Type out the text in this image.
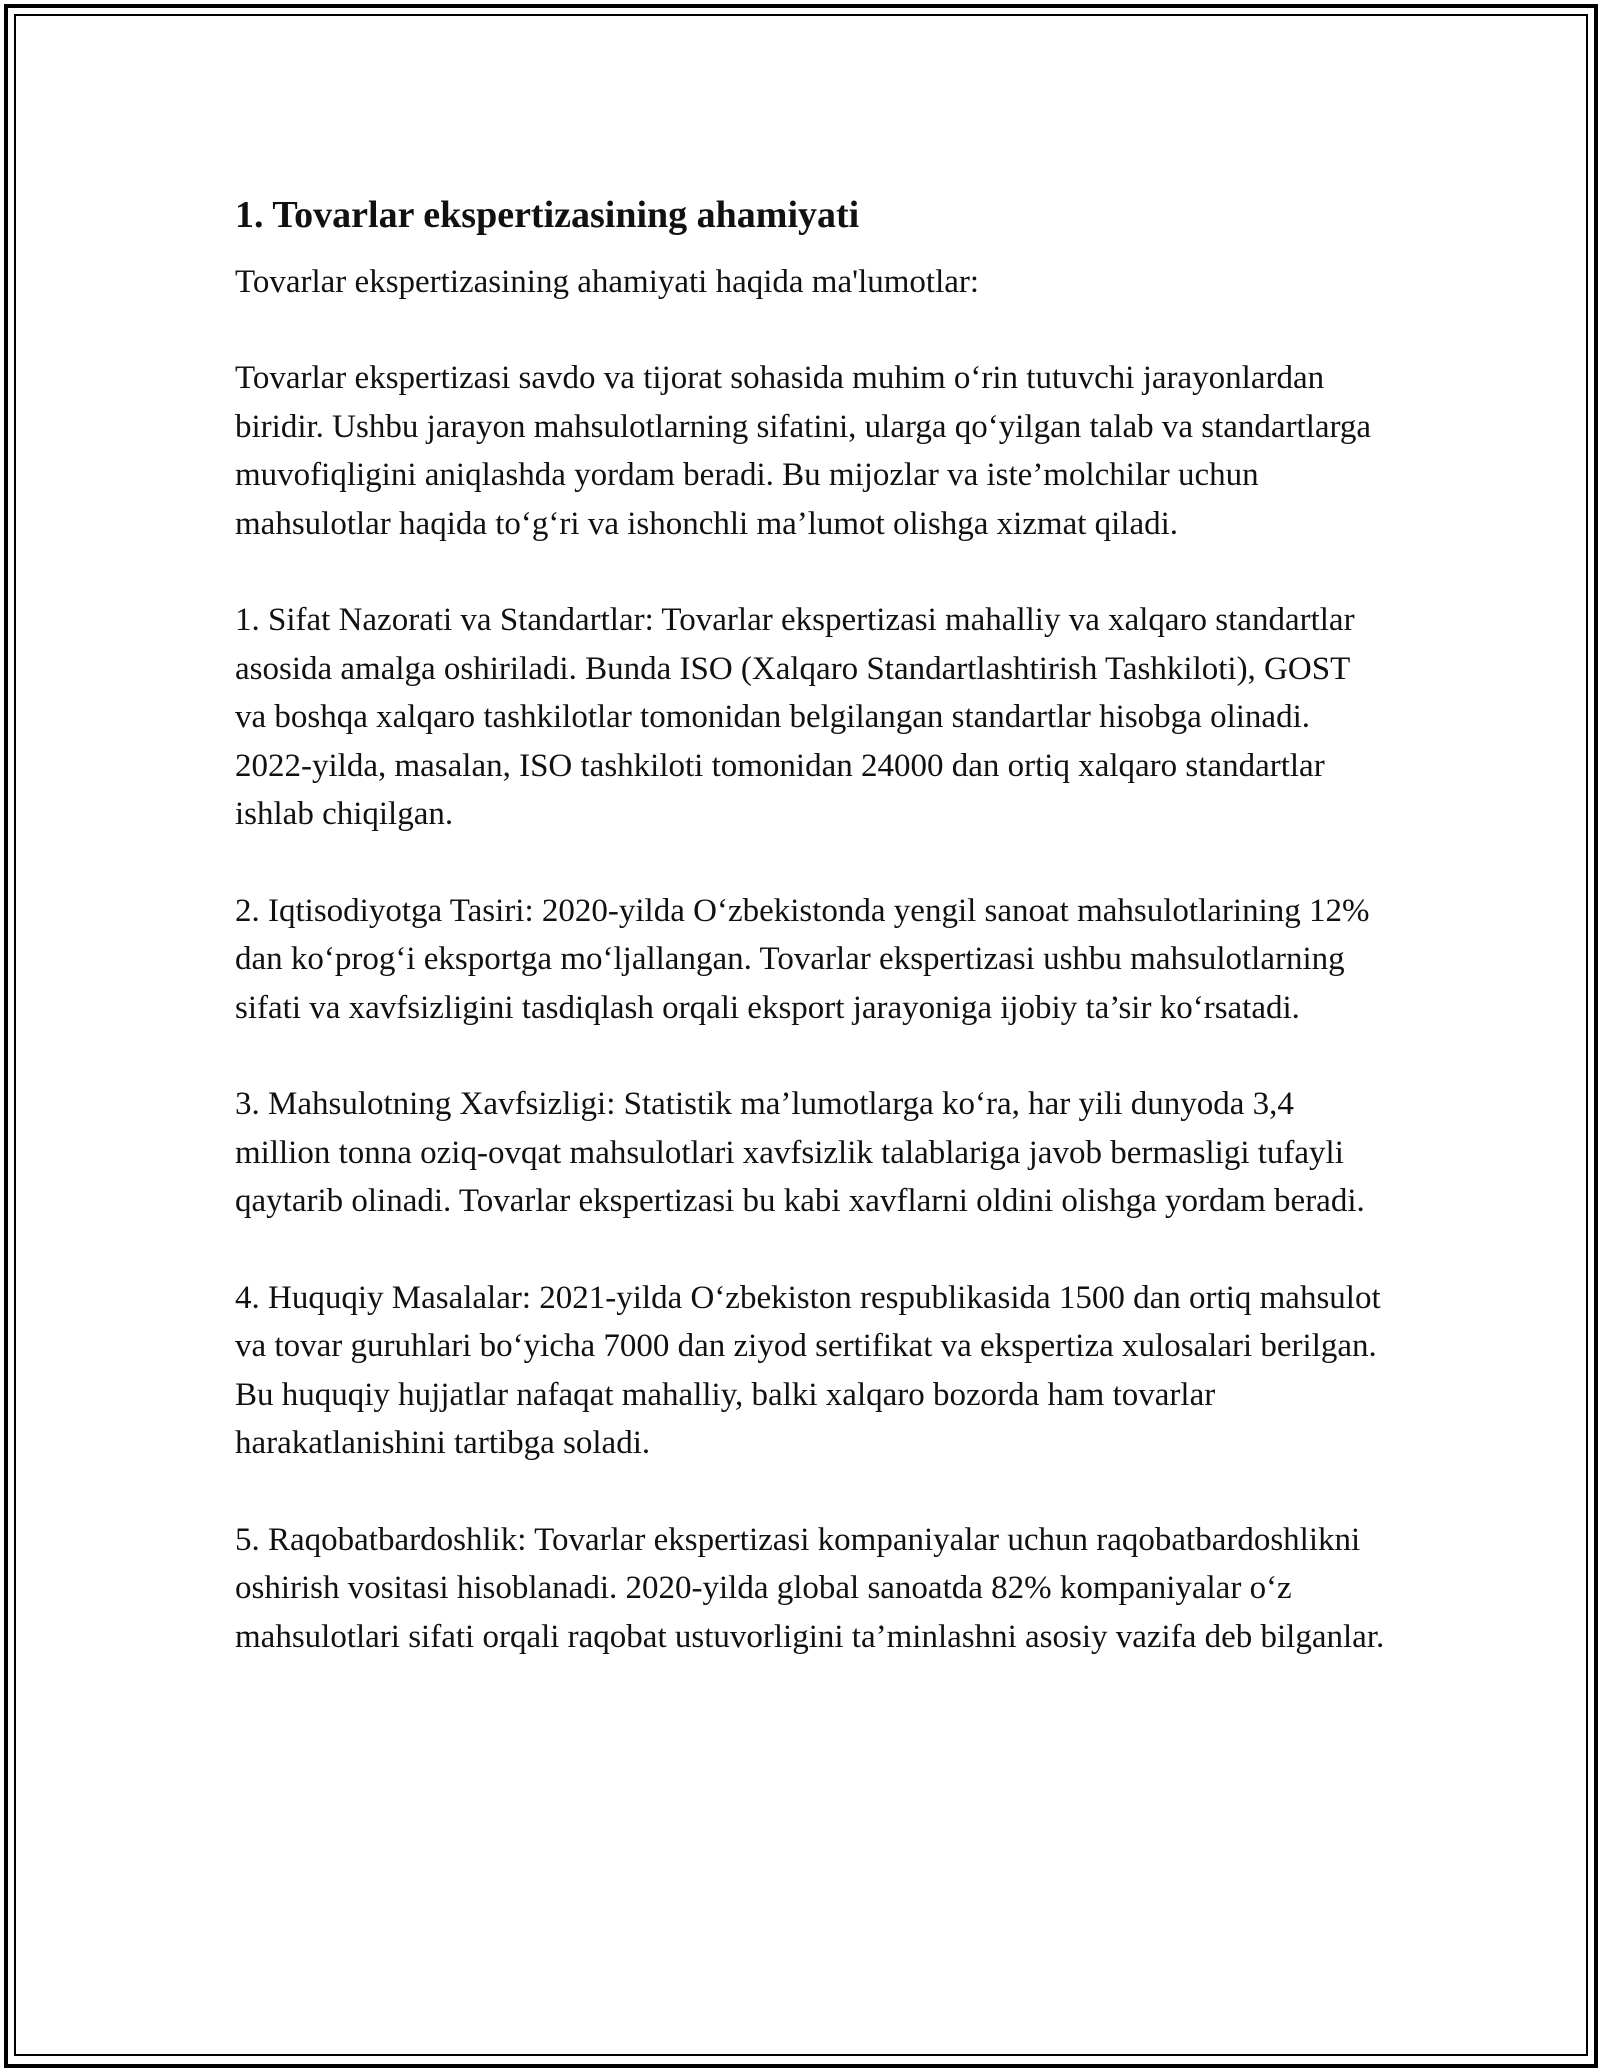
1. Tovarlar ekspertizasining ahamiyati

Tovarlar ekspertizasining ahamiyati haqida ma'lumotlar:

Tovarlar ekspertizasi savdo va tijorat sohasida muhim o‘rin tutuvchi jarayonlardan biridir. Ushbu jarayon mahsulotlarning sifatini, ularga qo‘yilgan talab va standartlarga muvofiqligini aniqlashda yordam beradi. Bu mijozlar va iste’molchilar uchun mahsulotlar haqida to‘g‘ri va ishonchli ma’lumot olishga xizmat qiladi.

1. Sifat Nazorati va Standartlar: Tovarlar ekspertizasi mahalliy va xalqaro standartlar asosida amalga oshiriladi. Bunda ISO (Xalqaro Standartlashtirish Tashkiloti), GOST va boshqa xalqaro tashkilotlar tomonidan belgilangan standartlar hisobga olinadi. 2022-yilda, masalan, ISO tashkiloti tomonidan 24000 dan ortiq xalqaro standartlar ishlab chiqilgan.

2. Iqtisodiyotga Tasiri: 2020-yilda O‘zbekistonda yengil sanoat mahsulotlarining 12% dan ko‘prog‘i eksportga mo‘ljallangan. Tovarlar ekspertizasi ushbu mahsulotlarning sifati va xavfsizligini tasdiqlash orqali eksport jarayoniga ijobiy ta’sir ko‘rsatadi.

3. Mahsulotning Xavfsizligi: Statistik ma’lumotlarga ko‘ra, har yili dunyoda 3,4 million tonna oziq-ovqat mahsulotlari xavfsizlik talablariga javob bermasligi tufayli qaytarib olinadi. Tovarlar ekspertizasi bu kabi xavflarni oldini olishga yordam beradi.

4. Huquqiy Masalalar: 2021-yilda O‘zbekiston respublikasida 1500 dan ortiq mahsulot va tovar guruhlari bo‘yicha 7000 dan ziyod sertifikat va ekspertiza xulosalari berilgan. Bu huquqiy hujjatlar nafaqat mahalliy, balki xalqaro bozorda ham tovarlar harakatlanishini tartibga soladi.

5. Raqobatbardoshlik: Tovarlar ekspertizasi kompaniyalar uchun raqobatbardoshlikni oshirish vositasi hisoblanadi. 2020-yilda global sanoatda 82% kompaniyalar o‘z mahsulotlari sifati orqali raqobat ustuvorligini ta’minlashni asosiy vazifa deb bilganlar.
